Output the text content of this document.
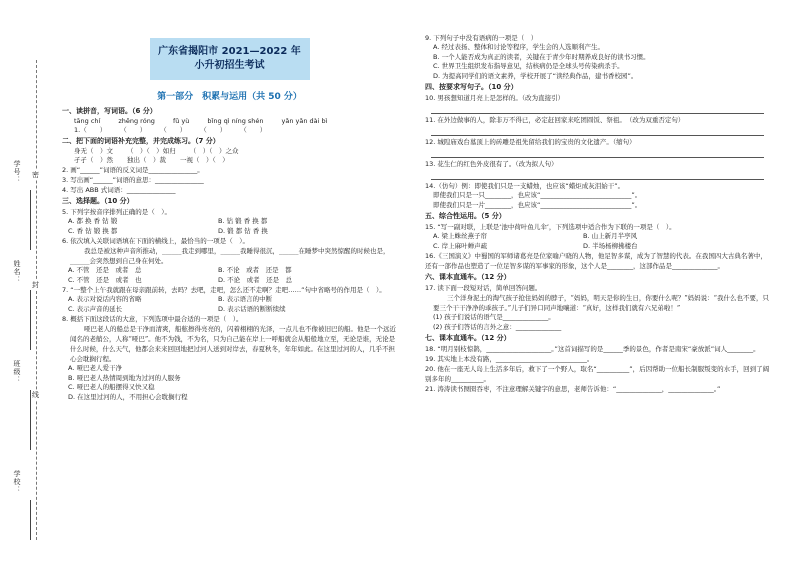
学号：
姓名：
班级：
学校：
密
封
线
广东省揭阳市 2021—2022 年
小升初招生考试
第一部分　积累与运用（共 50 分）
一、读拼音，写词语。（6 分）
tāng chí	zhēng róng	fǔ yù	bǐng qì níng shén	yǎn yǎn dài bì
1.（　　） （　　） （　　） （　　） （　　）
二、把下面的词语补充完整，并完成练习。（7 分）
身无（　）文 （　）（　）如归 （　）（　）之众
孑孑（　）然 独出（　）裁 一视（　）（　）

2. 画“______”词语的反义词是_______________。

3. 写出画“______”词语的意思：_______________

4. 写出 ABB 式词语：_______________

三、选择题。（10 分）

5. 下列字按音序排列正确的是（　）。

A. 都 换 香 钻 锻	B. 钻 锻 香 换 都
C. 香 钻 锻 换 都	D. 锻 都 钻 香 换

6. 依次填入关联词语填在下面的横线上，最恰当的一项是（　）。

我总是被这种声音所推动，______我走到哪里，______我睡得很沉，______在睡梦中突然惊醒的时候也是，______会突然想到自己身在何处。

A. 不管　还是　或者　总	B. 不论　或者　还是　都
C. 不管　还是　或者　也	D. 不论　或者　还是　总

7. “一整个上午我就跟在母亲跟前转，去吗？去吧，走吧，怎么还不走啊？走吧……”句中省略号的作用是（　）。

A. 表示对说话内容的省略	B. 表示语言的中断
C. 表示声音的延长	D. 表示话语的断断续续

8. 概括下面这段话的大意，下列选项中最合适的一项是（　）。

哑巴老人的船总是干净而清爽，船舷擦得亮亮的，闪着栩栩的光泽，一点儿也不像被旧巴的船。他是一个远近闻名的老艄公，人称“哑巴”。他不为钱，不为名，只为自己能在岸上一呼船就会从船般地立至，无论是谁，无论是什么时候，什么天气，他都会来来回回地把过河人送到对岸去，春夏秋冬，年年如此。在这里过河的人，几乎不担心会耽搁行程。

A. 哑巴老人爱干净

B. 哑巴老人热情周到地为过河的人服务

C. 哑巴老人的船摆得又快又稳

D. 在这里过河的人，不用担心会耽搁行程

9. 下列句子中没有语病的一项是（　）

A. 经过表扬、整体和讨论等程序，学生会的人选顺利产生。

B. 一个人能否成为真正的读者，关键在于青少年时期养成良好的读书习惯。

C. 世界卫生组织发布指导意见，结核病仍是全球头号传染病杀手。

D. 为提高同学们的语文素养，学校开展了“读经典作品，建书香校园”。

四、按要求写句子。（10 分）

10. 男孩想知道月亮上是怎样的。（改为直接引）

11. 在外边做事的人，除非万不得已，必定赶回家来吃团圆饭、祭祖。　（改为双重否定句）

12. 城隍庙戏台墓顶上的砖雕是祖先留给我们的宝贵的文化遗产。（缩句）

13. 花生仁的红色外皮很有了。（改为拟人句）

14.（仿句）例：即使我们只是一支蜡烛，也应该“蜡炬成灰泪始干”。

即使我们只是一只________，也应该“____________________________”。

即使我们只是一片________，也应该“____________________________”。

五、综合性运用。（5 分）

15. “写一副对联，上联是‘池中荷叶鱼儿伞’，下列选项中适合作为下联的一项是（　）。

A. 梁上蛛丝燕子帘	B. 山上新月半亭风
C. 岸上麻叶蝉声疏	D. 半场杨柳拂楼台

16.《三国演义》中蜀国的军师诸葛亮是位家喻户晓的人物，他足智多谋，成为了智慧的代表。在我国四大古典名著中，还有一部作品也塑造了一位足智多谋的军事家的形象，这个人是________，这部作品是______________。

六、课本直通车。（12 分）

17. 读下面一段短对话，简单回答问题。

三个洋身泥土的淘气孩子抢住妈妈的脖子，“妈妈，明天是你的生日，你要什么呢？”妈妈说：“我什么也不要，只要三个干干净净的乖孩子。”儿子们异口同声地嚷道：“真好，这样我们就有六兄弟啦！”

(1) 孩子们说话的语气是______________。

(2) 孩子们答话的言外之意：______________

七、课本直通车。（12 分）

18. “明月别枝惊鹊，____________________。”这首词描写的是______季的景色，作者是南宋“豪放派”词人________。

19. 其实地上本没有路，____________________________。

20. 他在一座无人岛上生活多年后，救下了一个野人，取名“__________”，后因帮助一位船长制服叛变的水手，回到了阔别多年的__________。

21. 涛涛读书囫囵吞枣，不注意理解关键字的意思，老师告诉他：“______________，______________。”
